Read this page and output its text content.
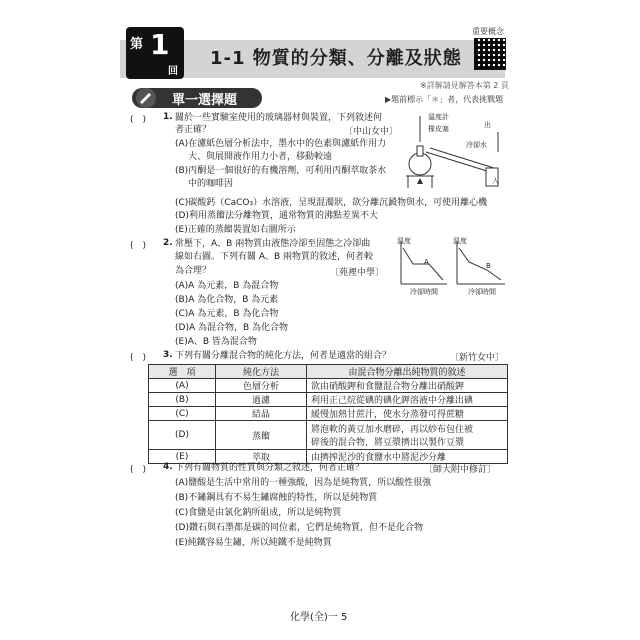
第 1
回
1-1 物質的分類、分離及狀態
重要概念
※詳解請見解答本第 2 頁
單一選擇題	▶題前標示「＊」者，代表挑戰題
(　) 1. 關於一些實驗室使用的玻璃器材與裝置，下列敘述何
者正確？	〔中山女中〕
(A)在濾紙色層分析法中，墨水中的色素與濾紙作用力
大、與展開液作用力小者，移動較遠
(B)丙酮是一個很好的有機溶劑，可利用丙酮萃取茶水
中的咖啡因
(C)碳酸鈣（CaCO₃）水溶液，呈現混濁狀，欲分離沉澱物與水，可使用離心機
(D)利用蒸餾法分離物質，通常物質的沸點差異不大
(E)正確的蒸餾裝置如右圖所示
溫度計
橡皮塞
冷卻水
出
入
(　) 2. 常壓下，A、B 兩物質由液態冷卻至固態之冷卻曲
線如右圖。下列有關 A、B 兩物質的敘述，何者較
為合理？	〔苑裡中學〕
(A)A 為元素，B 為混合物
(B)A 為化合物，B 為元素
(C)A 為元素，B 為化合物
(D)A 為混合物，B 為化合物
(E)A、B 皆為混合物
溫度	溫度
A	B
冷卻時間	冷卻時間
(　) 3. 下列有關分離混合物的純化方法，何者是適當的組合？	〔新竹女中〕
選　項	純化方法	由混合物分離出純物質的敘述
(A)	色層分析	欲由硝酸鉀和食鹽混合物分離出硝酸鉀
(B)	過濾	利用正己烷從碘的碘化鉀溶液中分離出碘
(C)	結晶	緩慢加熱甘蔗汁，使水分蒸發可得蔗糖
(D)	蒸餾	將泡軟的黃豆加水磨碎，再以紗布包住被
碎後的混合物，將豆漿擠出以製作豆漿

(E)	萃取	由擠搾泥沙的食鹽水中將泥沙分離
(　) 4. 下列有關物質的性質與分類之敘述，何者正確？	〔師大附中修訂〕
(A)鹽酸是生活中常用的一種強酸，因為是純物質，所以酸性很強
(B)不鏽鋼具有不易生鏽腐蝕的特性，所以是純物質
(C)食鹽是由氯化鈉所組成，所以是純物質
(D)鑽石與石墨都是碳的同位素，它們是純物質，但不是化合物
(E)純鐵容易生鏽，所以純鐵不是純物質
化學(全)一 5
